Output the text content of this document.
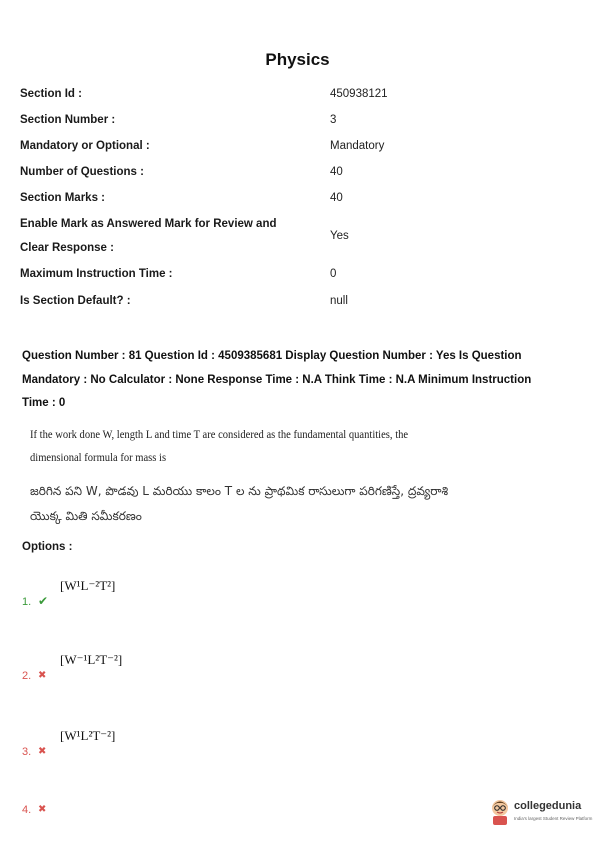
Physics
Section Id :	450938121
Section Number :	3
Mandatory or Optional :	Mandatory
Number of Questions :	40
Section Marks :	40
Enable Mark as Answered Mark for Review and
Clear Response :
Yes
Maximum Instruction Time :	0
Is Section Default? :	null
Question Number : 81 Question Id : 4509385681 Display Question Number : Yes Is Question
Mandatory : No Calculator : None Response Time : N.A Think Time : N.A Minimum Instruction
Time : 0
If the work done W, length L and time T are considered as the fundamental quantities, the
dimensional formula for mass is
జరిగిన పని W, పొడవు L మరియు కాలం T ల ను ప్రాథమిక రాసులుగా పరిగణిస్తే, ద్రవ్యరాశి
యొక్క మితి సమీకరణం
Options :
1. ✔
[W¹L⁻²T²]
2. ✖
[W⁻¹L²T⁻²]
3. ✖
[W¹L²T⁻²]
4. ✖	collegedunia
India's largest Student Review Platform
